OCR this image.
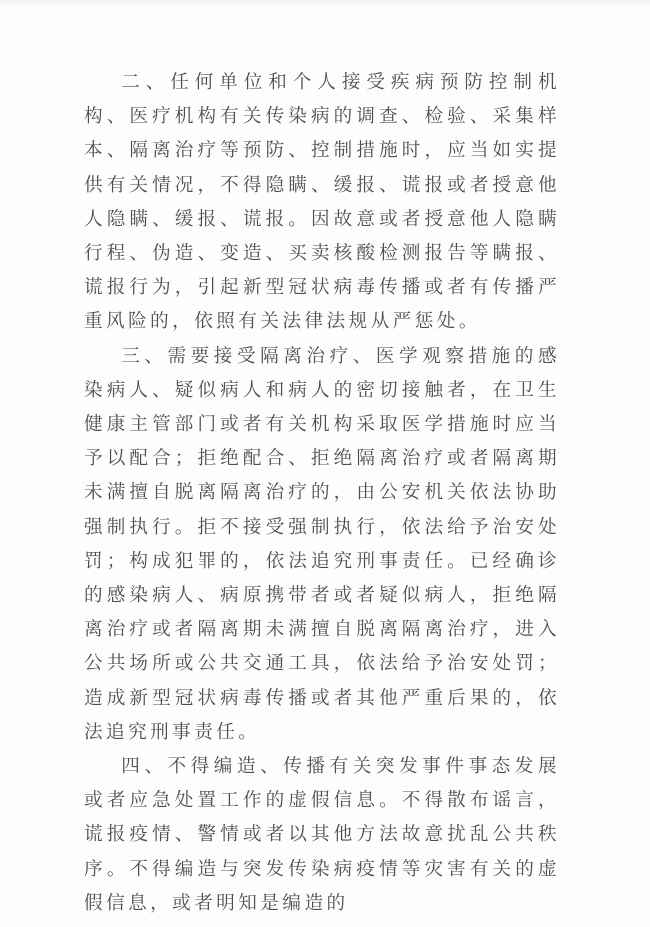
二、任何单位和个人接受疾病预防控制机构、医疗机构有关传染病的调查、检验、采集样本、隔离治疗等预防、控制措施时，应当如实提供有关情况，不得隐瞒、缓报、谎报或者授意他人隐瞒、缓报、谎报。因故意或者授意他人隐瞒行程、伪造、变造、买卖核酸检测报告等瞒报、谎报行为，引起新型冠状病毒传播或者有传播严重风险的，依照有关法律法规从严惩处。

三、需要接受隔离治疗、医学观察措施的感染病人、疑似病人和病人的密切接触者，在卫生健康主管部门或者有关机构采取医学措施时应当予以配合；拒绝配合、拒绝隔离治疗或者隔离期未满擅自脱离隔离治疗的，由公安机关依法协助强制执行。拒不接受强制执行，依法给予治安处罚；构成犯罪的，依法追究刑事责任。已经确诊的感染病人、病原携带者或者疑似病人，拒绝隔离治疗或者隔离期未满擅自脱离隔离治疗，进入公共场所或公共交通工具，依法给予治安处罚；造成新型冠状病毒传播或者其他严重后果的，依法追究刑事责任。

四、不得编造、传播有关突发事件事态发展或者应急处置工作的虚假信息。不得散布谣言，谎报疫情、警情或者以其他方法故意扰乱公共秩序。不得编造与突发传染病疫情等灾害有关的虚假信息，或者明知是编造的
